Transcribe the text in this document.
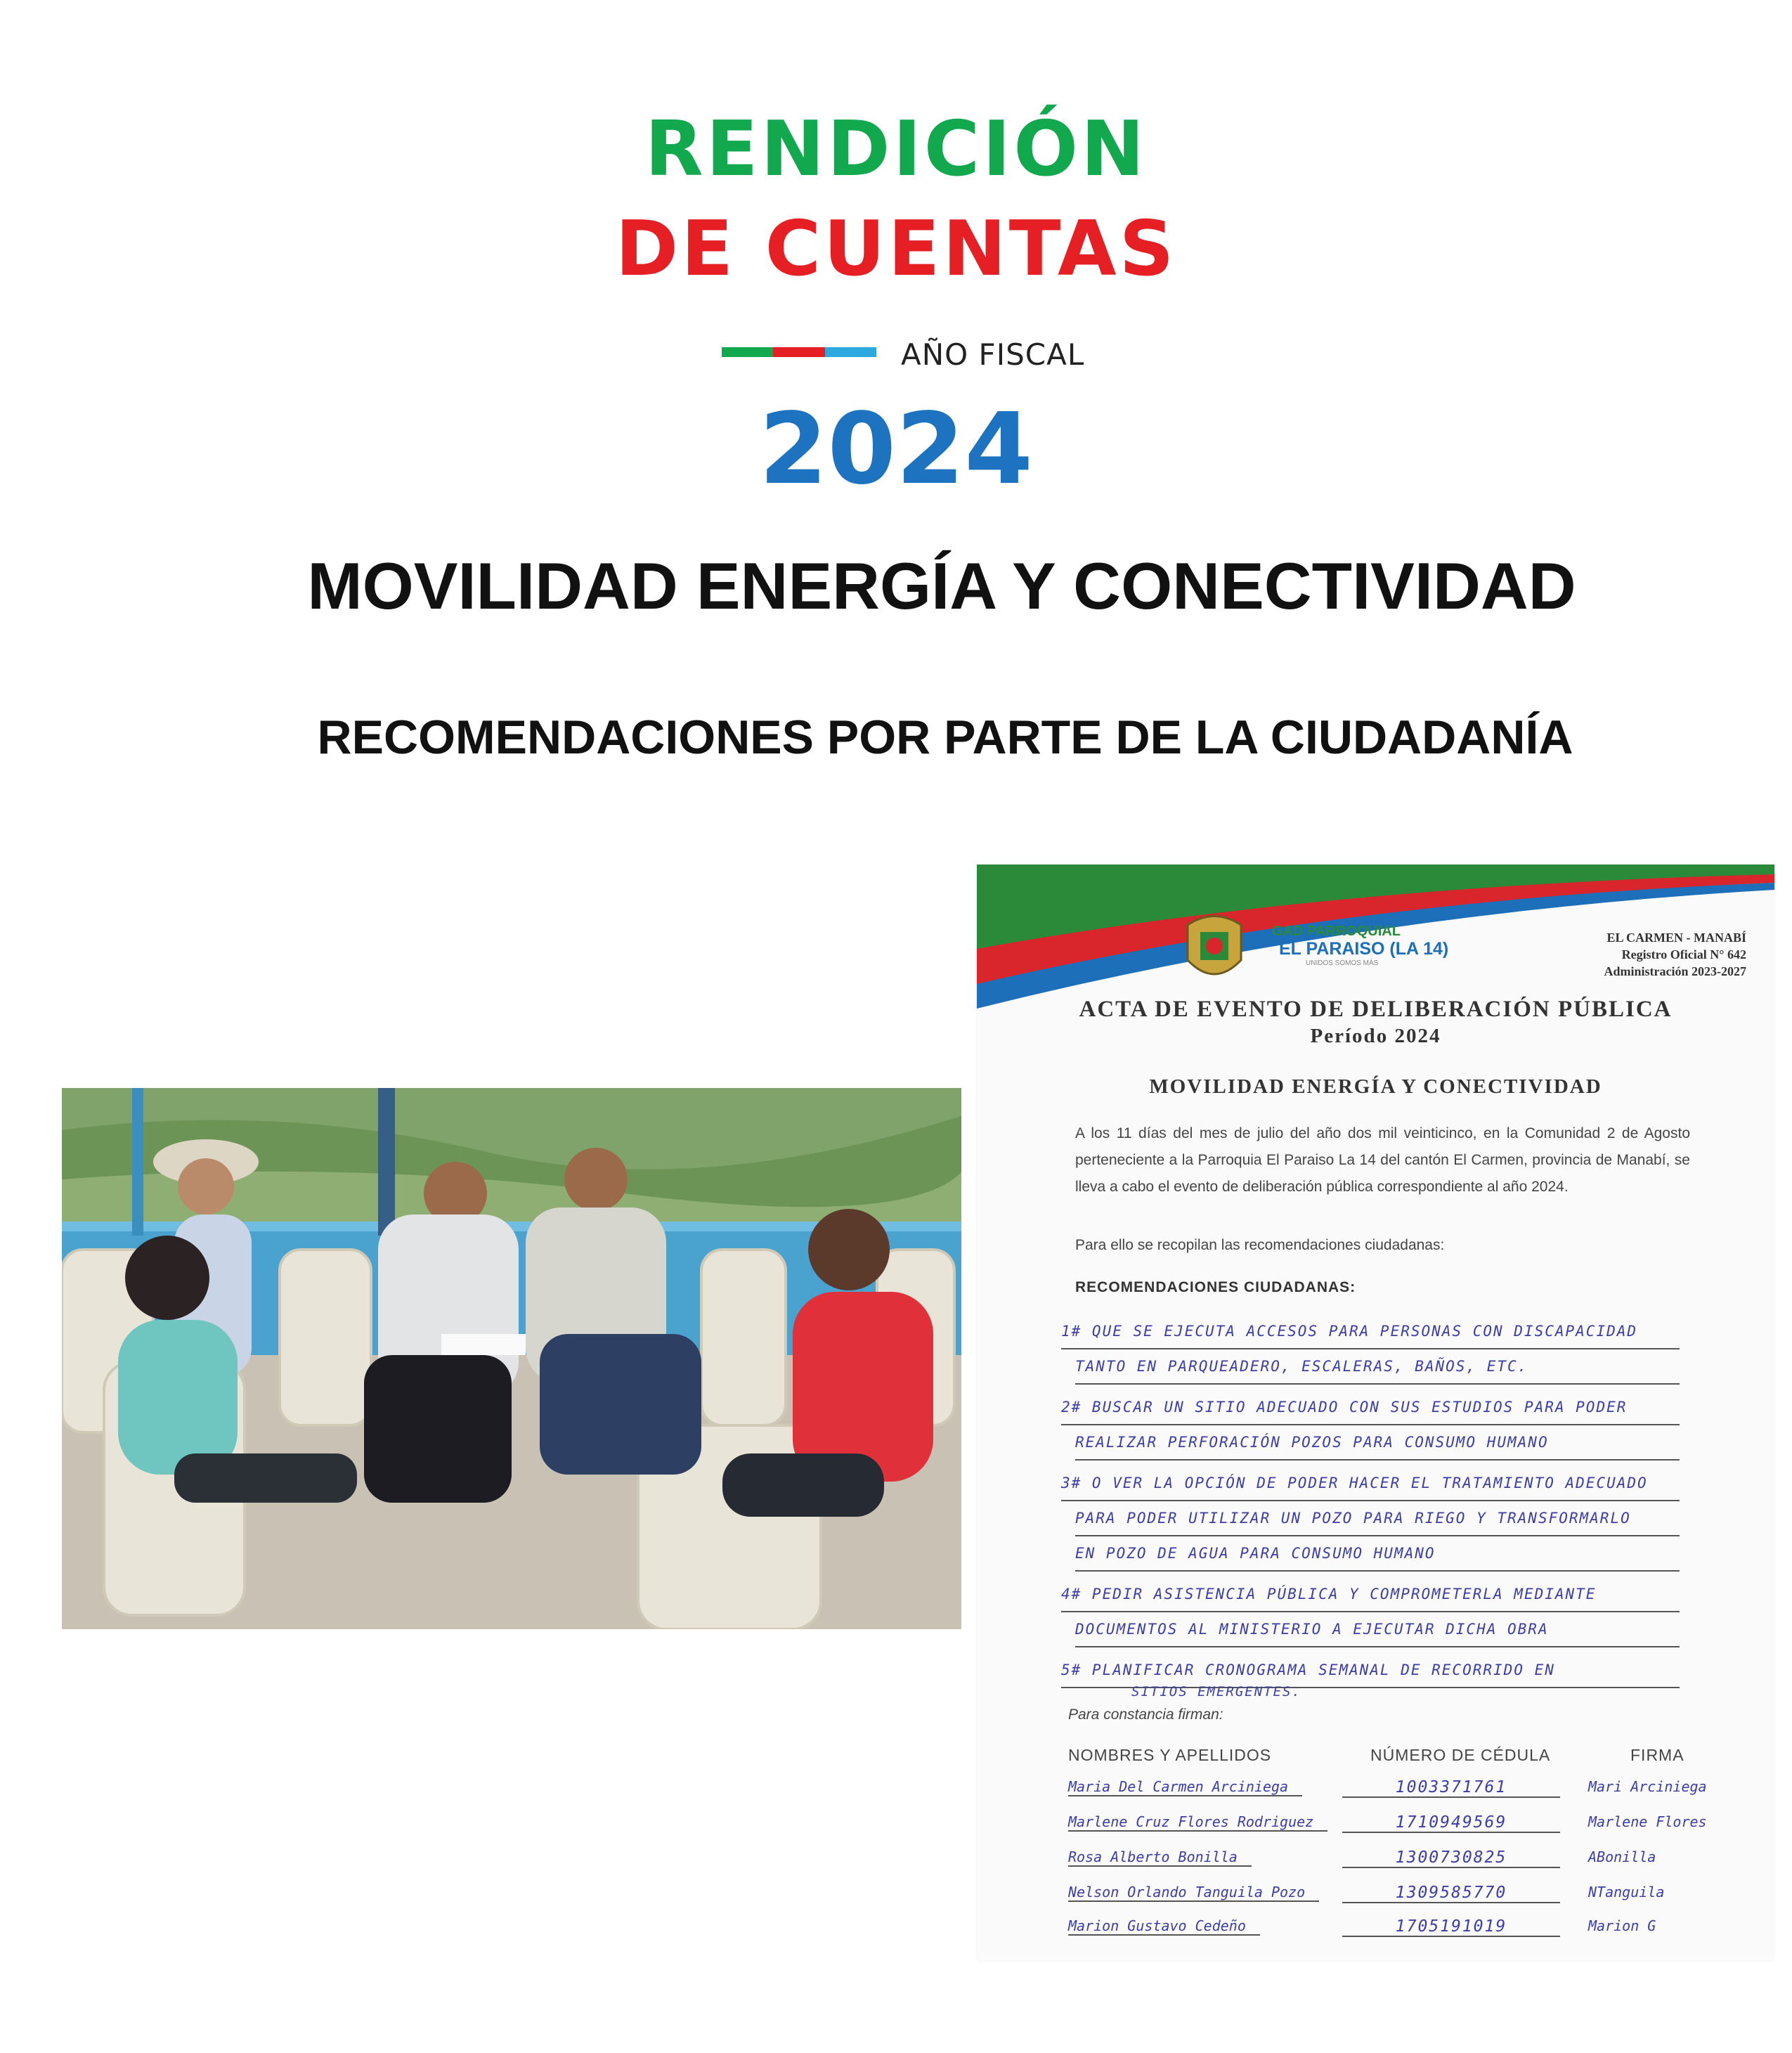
RENDICIÓN
DE CUENTAS
AÑO FISCAL
2024
MOVILIDAD ENERGÍA Y CONECTIVIDAD
RECOMENDACIONES POR PARTE DE LA CIUDADANÍA
GAD PARROQUIAL
EL PARAISO (LA 14)
UNIDOS SOMOS MÁS
EL CARMEN - MANABÍ
Registro Oficial N° 642
Administración 2023-2027
ACTA DE EVENTO DE DELIBERACIÓN PÚBLICA
Período 2024
MOVILIDAD ENERGÍA Y CONECTIVIDAD
A los 11 días del mes de julio del año dos mil veinticinco, en la Comunidad 2 de Agosto perteneciente a la Parroquia El Paraiso La 14 del cantón El Carmen, provincia de Manabí, se lleva a cabo el evento de deliberación pública correspondiente al año 2024.
Para ello se recopilan las recomendaciones ciudadanas:
RECOMENDACIONES CIUDADANAS:
1# QUE SE EJECUTA ACCESOS PARA PERSONAS CON DISCAPACIDAD
TANTO EN PARQUEADERO, ESCALERAS, BAÑOS, ETC.
2# BUSCAR UN SITIO ADECUADO CON SUS ESTUDIOS PARA PODER
REALIZAR PERFORACIÓN POZOS PARA CONSUMO HUMANO
3# O VER LA OPCIÓN DE PODER HACER EL TRATAMIENTO ADECUADO
PARA PODER UTILIZAR UN POZO PARA RIEGO Y TRANSFORMARLO
EN POZO DE AGUA PARA CONSUMO HUMANO
4# PEDIR ASISTENCIA PÚBLICA Y COMPROMETERLA MEDIANTE
DOCUMENTOS AL MINISTERIO A EJECUTAR DICHA OBRA
5# PLANIFICAR CRONOGRAMA SEMANAL DE RECORRIDO EN
SITIOS EMERGENTES.
Para constancia firman:
NOMBRES Y APELLIDOS	NÚMERO DE CÉDULA	FIRMA
Maria Del Carmen Arciniega	1003371761	Mari Arciniega
Marlene Cruz Flores Rodriguez	1710949569	Marlene Flores
Rosa Alberto Bonilla	1300730825	ABonilla
Nelson Orlando Tanguila Pozo	1309585770	NTanguila
Marion Gustavo Cedeño	1705191019	Marion G
